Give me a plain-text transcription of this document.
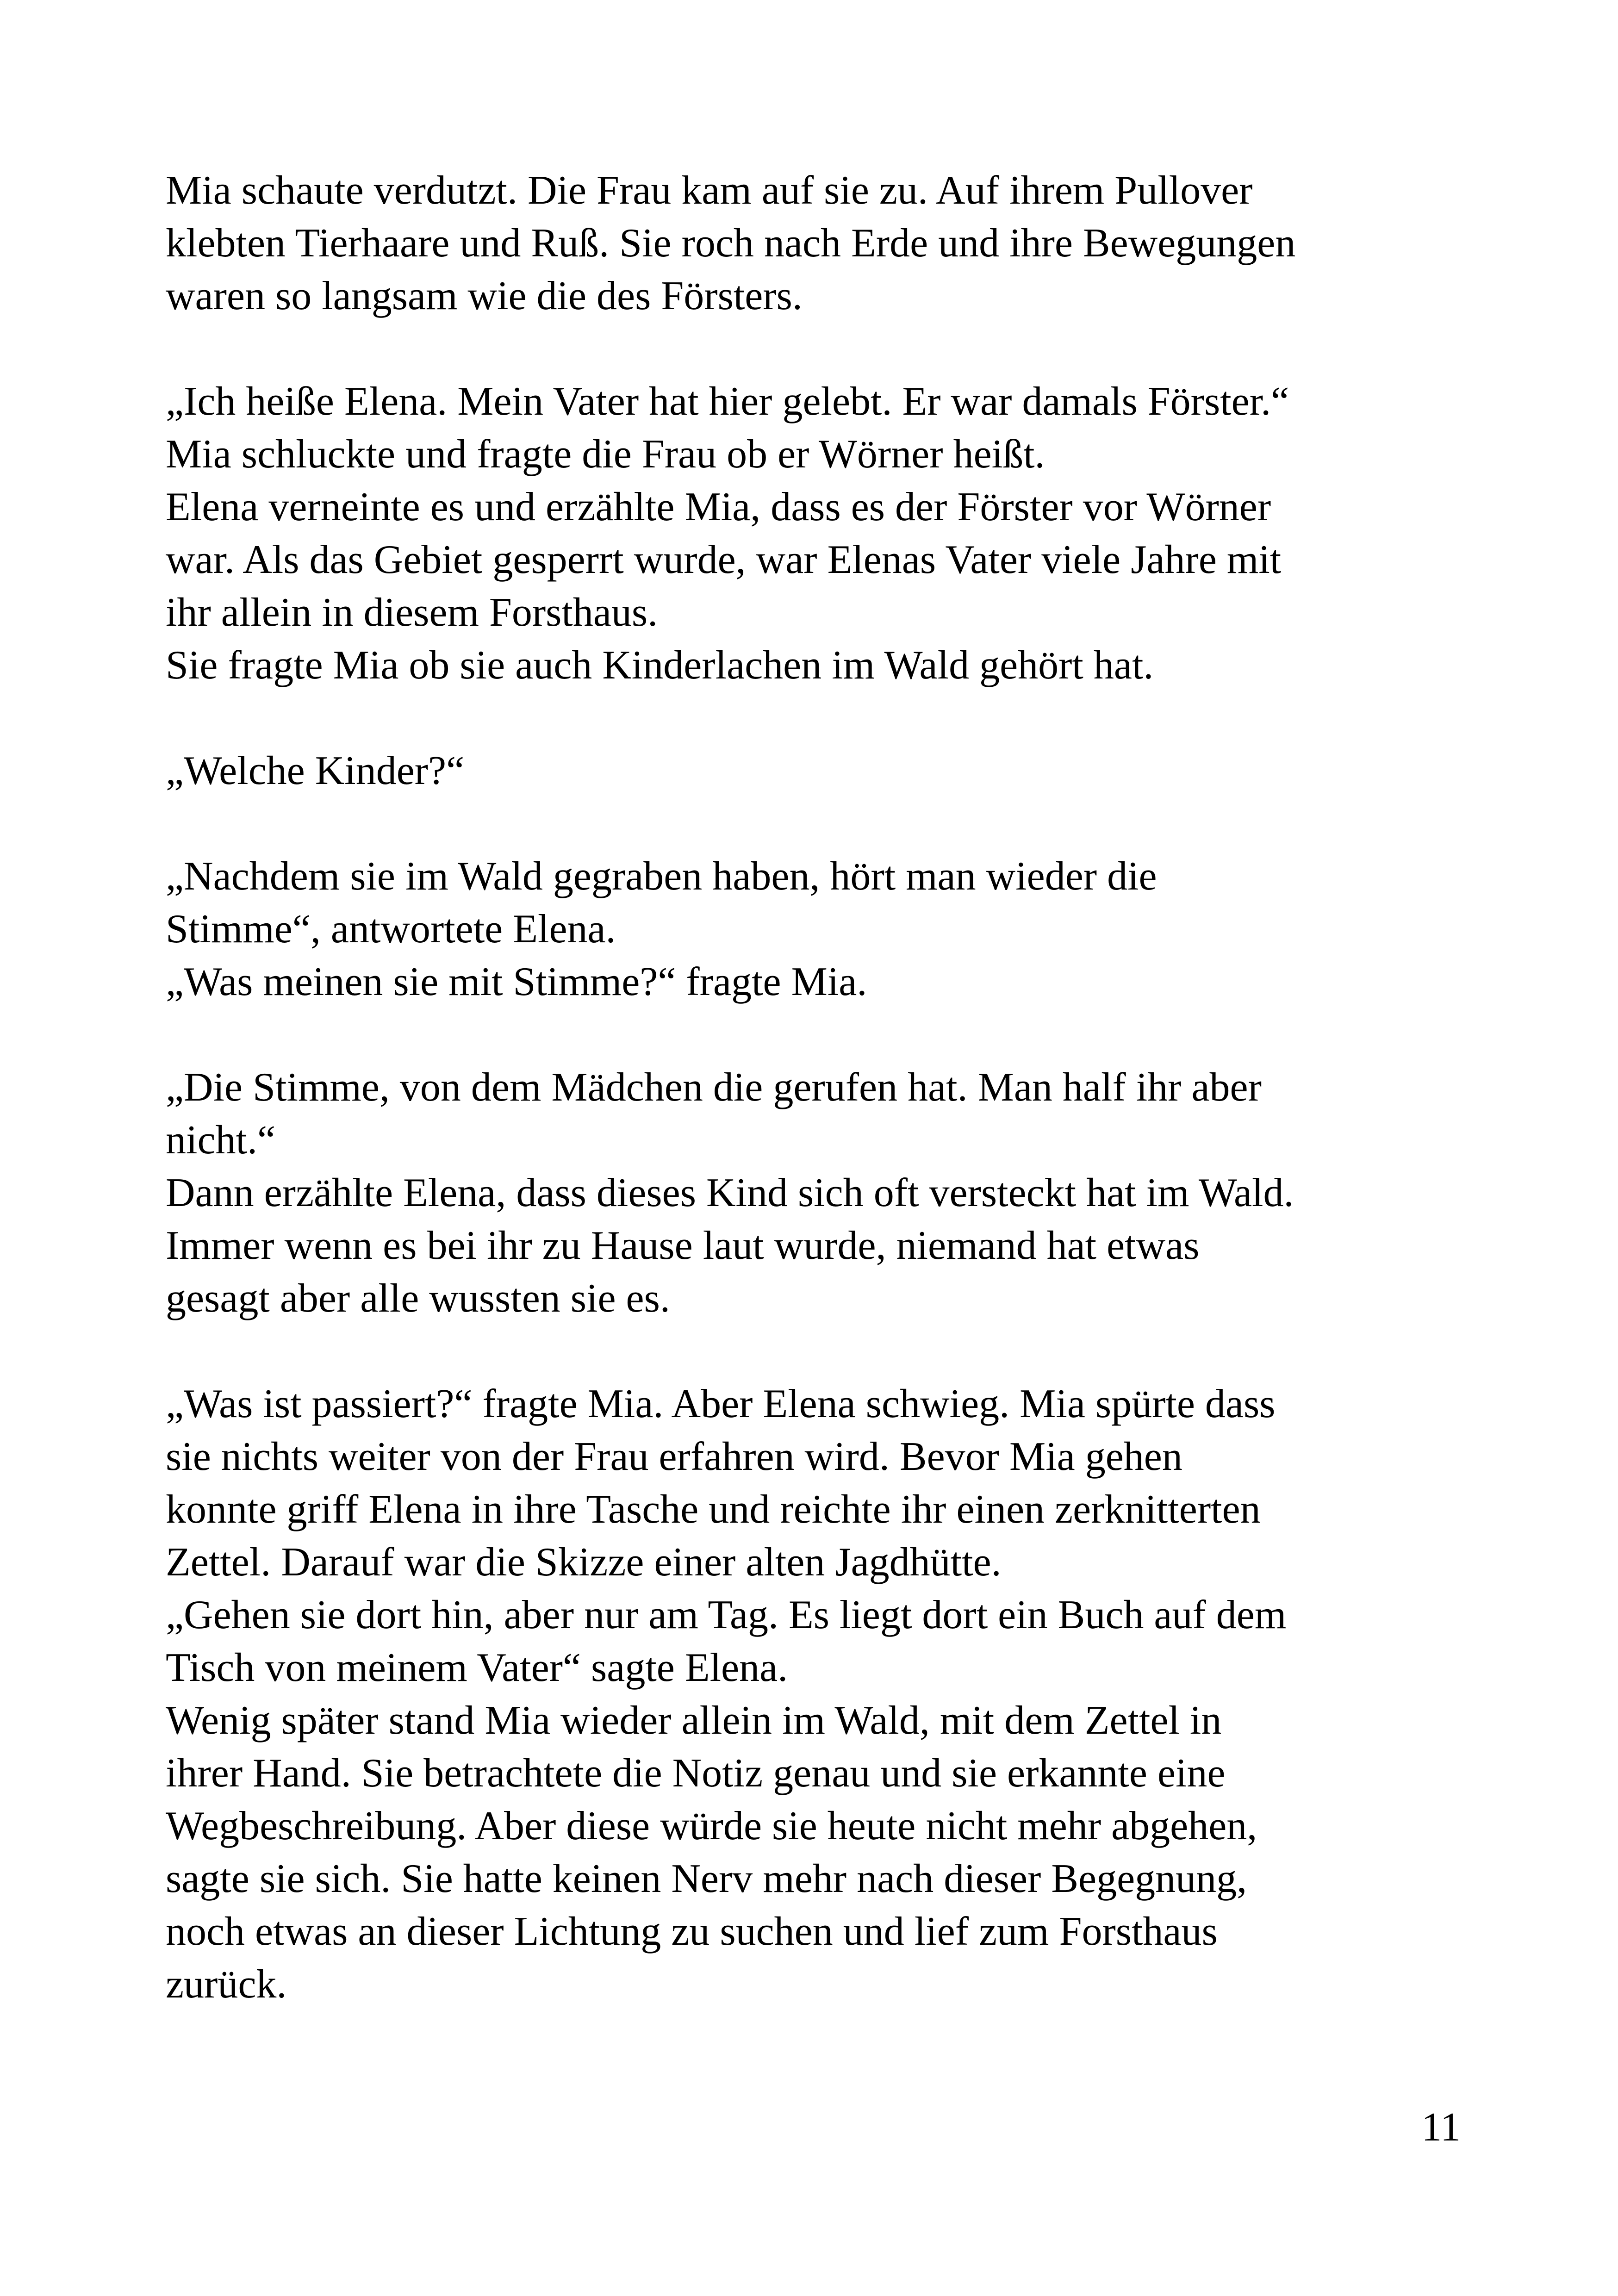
Mia schaute verdutzt. Die Frau kam auf sie zu. Auf ihrem Pullover
klebten Tierhaare und Ruß. Sie roch nach Erde und ihre Bewegungen
waren so langsam wie die des Försters.
„Ich heiße Elena. Mein Vater hat hier gelebt. Er war damals Förster.“
Mia schluckte und fragte die Frau ob er Wörner heißt.
Elena verneinte es und erzählte Mia, dass es der Förster vor Wörner
war. Als das Gebiet gesperrt wurde, war Elenas Vater viele Jahre mit
ihr allein in diesem Forsthaus.
Sie fragte Mia ob sie auch Kinderlachen im Wald gehört hat.
„Welche Kinder?“
„Nachdem sie im Wald gegraben haben, hört man wieder die
Stimme“, antwortete Elena.
„Was meinen sie mit Stimme?“ fragte Mia.
„Die Stimme, von dem Mädchen die gerufen hat. Man half ihr aber
nicht.“
Dann erzählte Elena, dass dieses Kind sich oft versteckt hat im Wald.
Immer wenn es bei ihr zu Hause laut wurde, niemand hat etwas
gesagt aber alle wussten sie es.
„Was ist passiert?“ fragte Mia. Aber Elena schwieg. Mia spürte dass
sie nichts weiter von der Frau erfahren wird. Bevor Mia gehen
konnte griff Elena in ihre Tasche und reichte ihr einen zerknitterten
Zettel. Darauf war die Skizze einer alten Jagdhütte.
„Gehen sie dort hin, aber nur am Tag. Es liegt dort ein Buch auf dem
Tisch von meinem Vater“ sagte Elena.
Wenig später stand Mia wieder allein im Wald, mit dem Zettel in
ihrer Hand. Sie betrachtete die Notiz genau und sie erkannte eine
Wegbeschreibung. Aber diese würde sie heute nicht mehr abgehen,
sagte sie sich. Sie hatte keinen Nerv mehr nach dieser Begegnung,
noch etwas an dieser Lichtung zu suchen und lief zum Forsthaus
zurück.
11
